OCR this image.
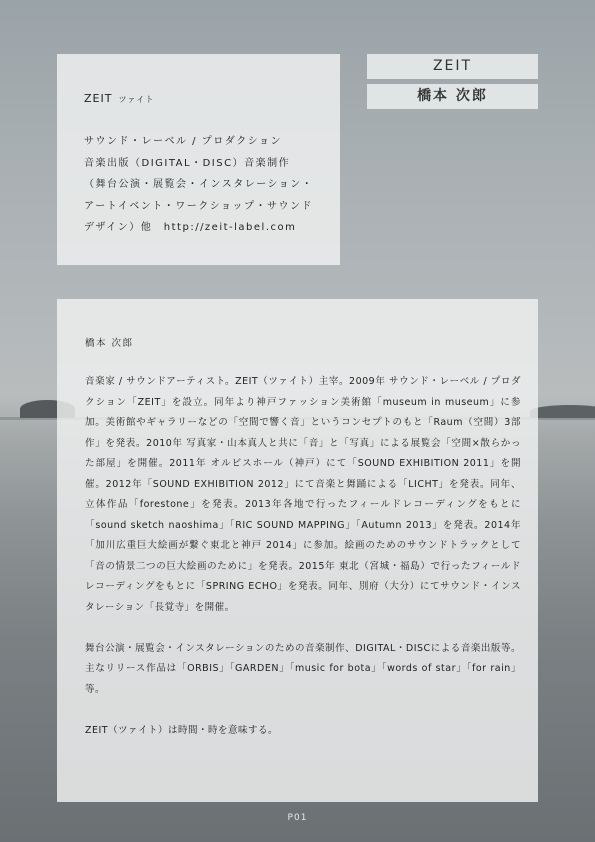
ZEIT ツァイト
サウンド・レーベル / プロダクション
音楽出版（DIGITAL・DISC）音楽制作
（舞台公演・展覧会・インスタレーション・
アートイベント・ワークショップ・サウンド
デザイン）他　http://zeit-label.com
ZEIT
橋本 次郎
橋本 次郎

音楽家 / サウンドアーティスト。ZEIT（ツァイト）主宰。2009年 サウンド・レーベル / プロダクション「ZEIT」を設立。同年より神戸ファッション美術館「museum in museum」に参加。美術館やギャラリーなどの「空間で響く音」というコンセプトのもと「Raum（空間）3部作」を発表。2010年 写真家・山本真人と共に「音」と「写真」による展覧会「空間×散らかった部屋」を開催。2011年 オルビスホール（神戸）にて「SOUND EXHIBITION 2011」を開催。2012年「SOUND EXHIBITION 2012」にて音楽と舞踊による「LICHT」を発表。同年、立体作品「forestone」を発表。2013年各地で行ったフィールドレコーディングをもとに「sound sketch naoshima」「RIC SOUND MAPPING」「Autumn 2013」を発表。2014年「加川広重巨大絵画が繋ぐ東北と神戸 2014」に参加。絵画のためのサウンドトラックとして「音の情景二つの巨大絵画のために」を発表。2015年 東北（宮城・福島）で行ったフィールドレコーディングをもとに「SPRING ECHO」を発表。同年、別府（大分）にてサウンド・インスタレーション「長覚寺」を開催。

舞台公演・展覧会・インスタレーションのための音楽制作、DIGITAL・DISCによる音楽出版等。主なリリース作品は「ORBIS」「GARDEN」「music for bota」「words of star」「for rain」等。

ZEIT（ツァイト）は時間・時を意味する。

P01
